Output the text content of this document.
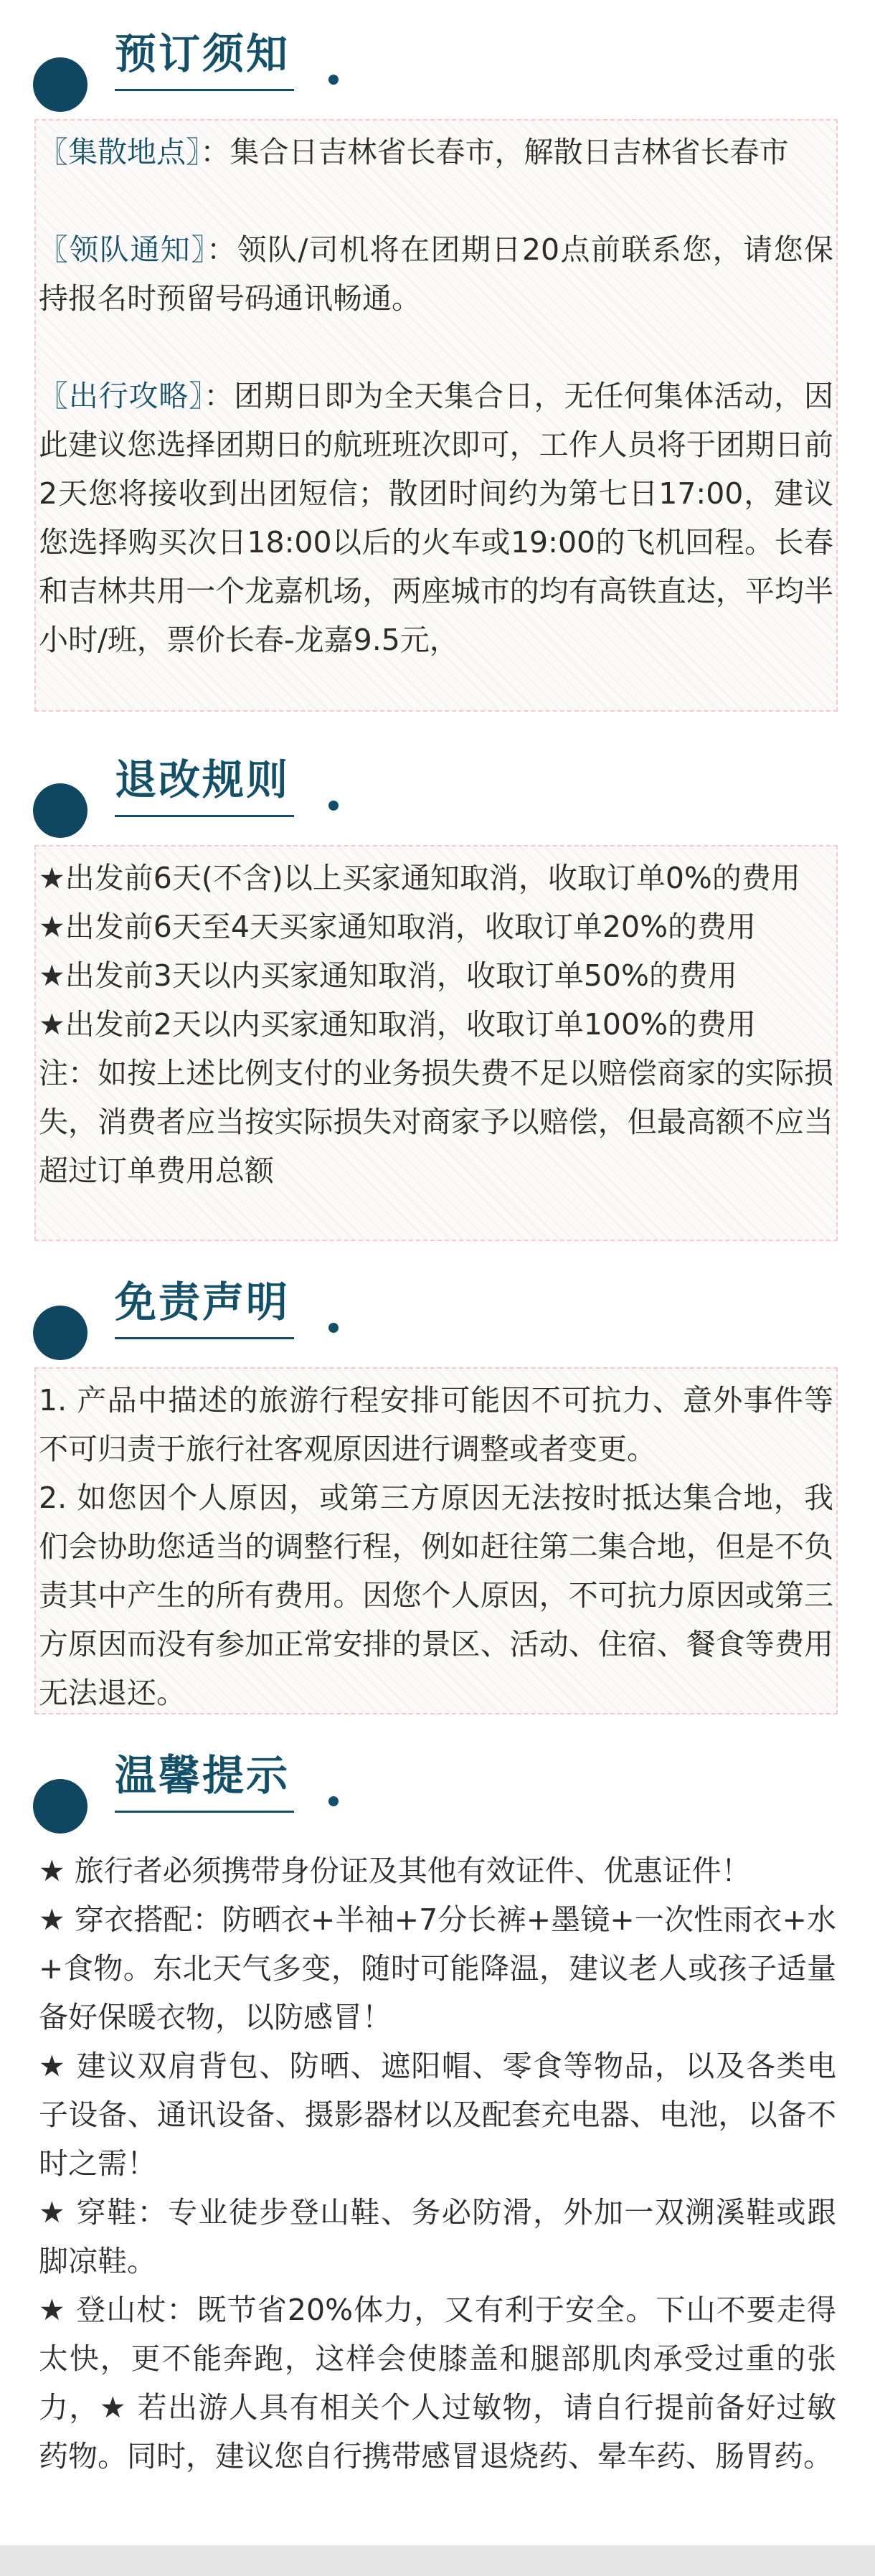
预订须知
〖集散地点〗：集合日吉林省长春市，解散日吉林省长春市
〖领队通知〗：领队/司机将在团期日20点前联系您，请您保持报名时预留号码通讯畅通。
〖出行攻略〗：团期日即为全天集合日，无任何集体活动，因此建议您选择团期日的航班班次即可，工作人员将于团期日前2天您将接收到出团短信；散团时间约为第七日17:00，建议您选择购买次日18:00以后的火车或19:00的飞机回程。长春和吉林共用一个龙嘉机场，两座城市的均有高铁直达，平均半小时/班，票价长春-龙嘉9.5元，
退改规则
★出发前6天(不含)以上买家通知取消，收取订单0%的费用
★出发前6天至4天买家通知取消，收取订单20%的费用
★出发前3天以内买家通知取消，收取订单50%的费用
★出发前2天以内买家通知取消，收取订单100%的费用
注：如按上述比例支付的业务损失费不足以赔偿商家的实际损失，消费者应当按实际损失对商家予以赔偿，但最高额不应当超过订单费用总额
免责声明
1. 产品中描述的旅游行程安排可能因不可抗力、意外事件等不可归责于旅行社客观原因进行调整或者变更。
2. 如您因个人原因，或第三方原因无法按时抵达集合地，我们会协助您适当的调整行程，例如赶往第二集合地，但是不负责其中产生的所有费用。因您个人原因，不可抗力原因或第三方原因而没有参加正常安排的景区、活动、住宿、餐食等费用无法退还。
温馨提示
★ 旅行者必须携带身份证及其他有效证件、优惠证件！
★ 穿衣搭配：防晒衣+半袖+7分长裤+墨镜+一次性雨衣+水+食物。东北天气多变，随时可能降温，建议老人或孩子适量备好保暖衣物，以防感冒！
★ 建议双肩背包、防晒、遮阳帽、零食等物品，以及各类电子设备、通讯设备、摄影器材以及配套充电器、电池，以备不时之需！
★ 穿鞋：专业徒步登山鞋、务必防滑，外加一双溯溪鞋或跟脚凉鞋。
★ 登山杖：既节省20%体力，又有利于安全。下山不要走得太快，更不能奔跑，这样会使膝盖和腿部肌肉承受过重的张力，★ 若出游人具有相关个人过敏物，请自行提前备好过敏药物。同时，建议您自行携带感冒退烧药、晕车药、肠胃药。
